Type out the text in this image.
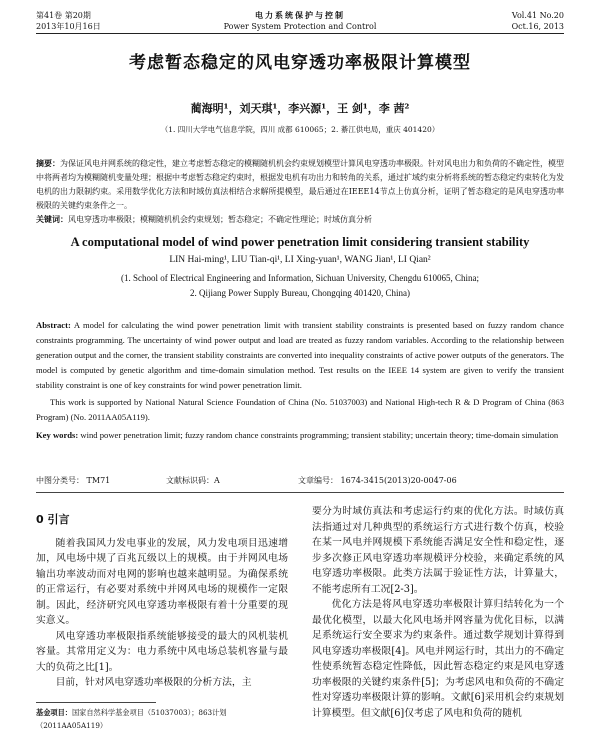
第41卷 第20期
2013年10月16日
电力系统保护与控制
Power System Protection and Control
Vol.41 No.20
Oct.16, 2013
考虑暂态稳定的风电穿透功率极限计算模型
蔺海明¹，刘天琪¹，李兴源¹，王 剑¹，李 茜²
（1. 四川大学电气信息学院，四川 成都 610065；2. 綦江供电局，重庆 401420）
摘要：为保证风电并网系统的稳定性，建立考虑暂态稳定的模糊随机机会约束规划模型计算风电穿透功率极限。针对风电出力和负荷的不确定性，模型中将两者均为模糊随机变量处理；根据中考虑暂态稳定约束时，根据发电机有功出力和转角的关系，通过扩域约束分析将系统的暂态稳定约束转化为发电机的出力限制约束。采用数学优化方法和时域仿真法相结合求解所提模型，最后通过在IEEE14节点上仿真分析，证明了暂态稳定的是风电穿透功率极限的关键约束条件之一。
关键词：风电穿透功率极限；模糊随机机会约束规划；暂态稳定；不确定性理论；时域仿真分析
A computational model of wind power penetration limit considering transient stability
LIN Hai-ming¹, LIU Tian-qi¹, LI Xing-yuan¹, WANG Jian¹, LI Qian²
(1. School of Electrical Engineering and Information, Sichuan University, Chengdu 610065, China;
2. Qijiang Power Supply Bureau, Chongqing 401420, China)
Abstract: A model for calculating the wind power penetration limit with transient stability constraints is presented based on fuzzy random chance constraints programming. The uncertainty of wind power output and load are treated as fuzzy random variables. According to the relationship between generation output and the corner, the transient stability constraints are converted into inequality constraints of active power outputs of the generators. The model is computed by genetic algorithm and time-domain simulation method. Test results on the IEEE 14 system are given to verify the transient stability constraint is one of key constraints for wind power penetration limit.
This work is supported by National Natural Science Foundation of China (No. 51037003) and National High-tech R & D Program of China (863 Program) (No. 2011AA05A119).
Key words: wind power penetration limit; fuzzy random chance constraints programming; transient stability; uncertain theory; time-domain simulation
中图分类号： TM71	文献标识码：A	文章编号： 1674-3415(2013)20-0047-06
0 引言

随着我国风力发电事业的发展，风力发电项目迅速增加，风电场中规了百兆瓦级以上的规模。由于并网风电场输出功率波动而对电网的影响也越来越明显。为确保系统的正常运行，有必要对系统中并网风电场的规模作一定限制。因此，经济研究风电穿透功率极限有着十分重要的现实意义。

风电穿透功率极限指系统能够接受的最大的风机装机容量。其常用定义为：电力系统中风电场总装机容量与最大的负荷之比[1]。

目前，针对风电穿透功率极限的分析方法，主

要分为时域仿真法和考虑运行约束的优化方法。时域仿真法指通过对几种典型的系统运行方式进行数个仿真，校验在某一风电并网规模下系统能否满足安全性和稳定性，逐步多次修正风电穿透功率规模评分校验，来确定系统的风电穿透功率极限。此类方法属于验证性方法，计算量大，不能考虑所有工况[2-3]。

优化方法是将风电穿透功率极限计算归结转化为一个最优化模型，以最大化风电场并网容量为优化目标，以满足系统运行安全要求为约束条件。通过数学规划计算得到风电穿透功率极限[4]。风电并网运行时，其出力的不确定性使系统暂态稳定性降低，因此暂态稳定约束是风电穿透功率极限的关键约束条件[5]；为考虑风电和负荷的不确定性对穿透功率极限计算的影响。文献[6]采用机会约束规划计算模型。但文献[6]仅考虑了风电和负荷的随机

基金项目：国家自然科学基金项目（51037003）；863计划（2011AA05A119）
